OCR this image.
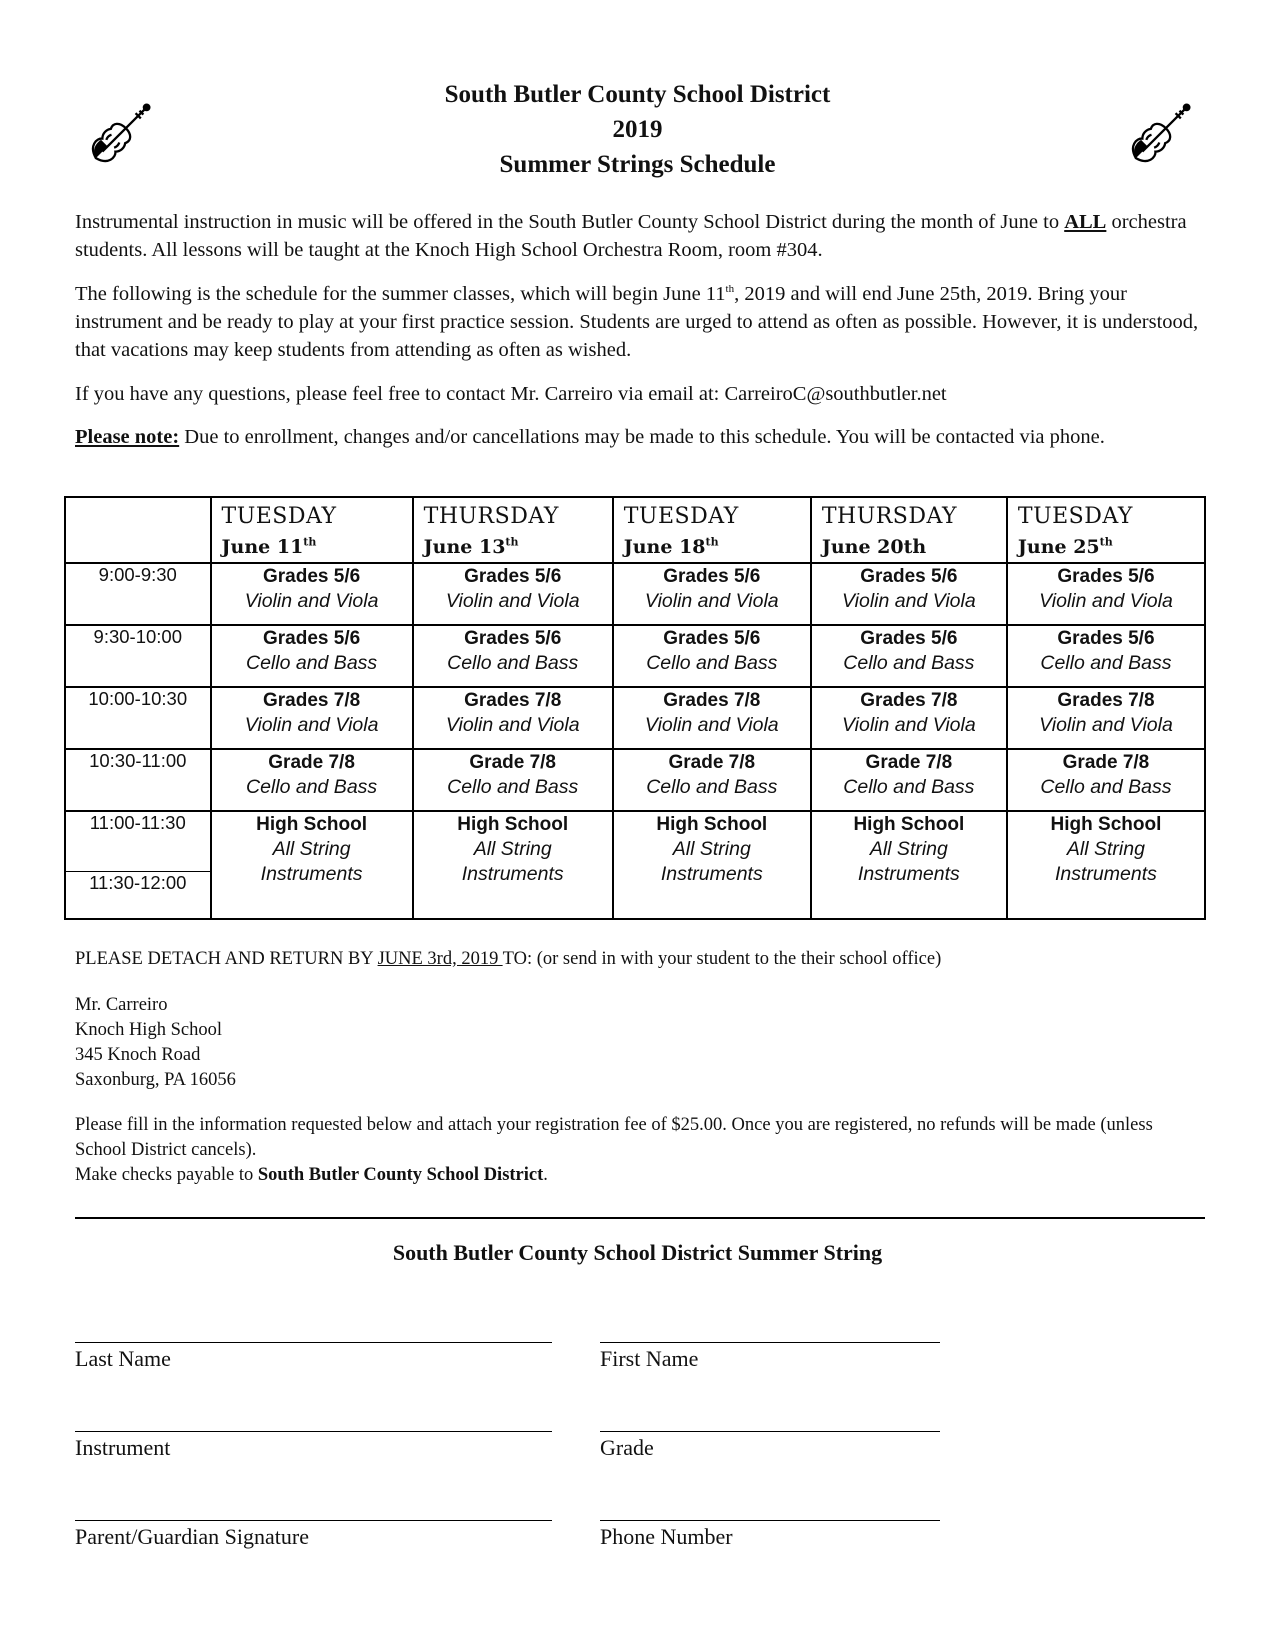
South Butler County School District
2019
Summer Strings Schedule

Instrumental instruction in music will be offered in the South Butler County School District during the month of June to ALL orchestra students. All lessons will be taught at the Knoch High School Orchestra Room, room #304.

The following is the schedule for the summer classes, which will begin June 11th, 2019 and will end June 25th, 2019. Bring your instrument and be ready to play at your first practice session. Students are urged to attend as often as possible. However, it is understood, that vacations may keep students from attending as often as wished.

If you have any questions, please feel free to contact Mr. Carreiro via email at: CarreiroC@southbutler.net

Please note: Due to enrollment, changes and/or cancellations may be made to this schedule. You will be contacted via phone.

	TUESDAY
June 11th	THURSDAY
June 13th	TUESDAY
June 18th	THURSDAY
June 20th	TUESDAY
June 25th

9:00-9:30	Grades 5/6
Violin and Viola	Grades 5/6
Violin and Viola	Grades 5/6
Violin and Viola	Grades 5/6
Violin and Viola	Grades 5/6
Violin and Viola

9:30-10:00	Grades 5/6
Cello and Bass	Grades 5/6
Cello and Bass	Grades 5/6
Cello and Bass	Grades 5/6
Cello and Bass	Grades 5/6
Cello and Bass

10:00-10:30	Grades 7/8
Violin and Viola	Grades 7/8
Violin and Viola	Grades 7/8
Violin and Viola	Grades 7/8
Violin and Viola	Grades 7/8
Violin and Viola

10:30-11:00	Grade 7/8
Cello and Bass	Grade 7/8
Cello and Bass	Grade 7/8
Cello and Bass	Grade 7/8
Cello and Bass	Grade 7/8
Cello and Bass

11:00-11:30	High School
All String
Instruments	High School
All String
Instruments	High School
All String
Instruments	High School
All String
Instruments	High School
All String
Instruments

11:30-12:00					

PLEASE DETACH AND RETURN BY JUNE 3rd, 2019 TO: (or send in with your student to the their school office)

Mr. Carreiro

Knoch High School

345 Knoch Road

Saxonburg, PA 16056

Please fill in the information requested below and attach your registration fee of $25.00. Once you are registered, no refunds will be made (unless School District cancels).

Make checks payable to South Butler County School District.

South Butler County School District Summer String
Last Name	First Name
Instrument	Grade
Parent/Guardian Signature	Phone Number
